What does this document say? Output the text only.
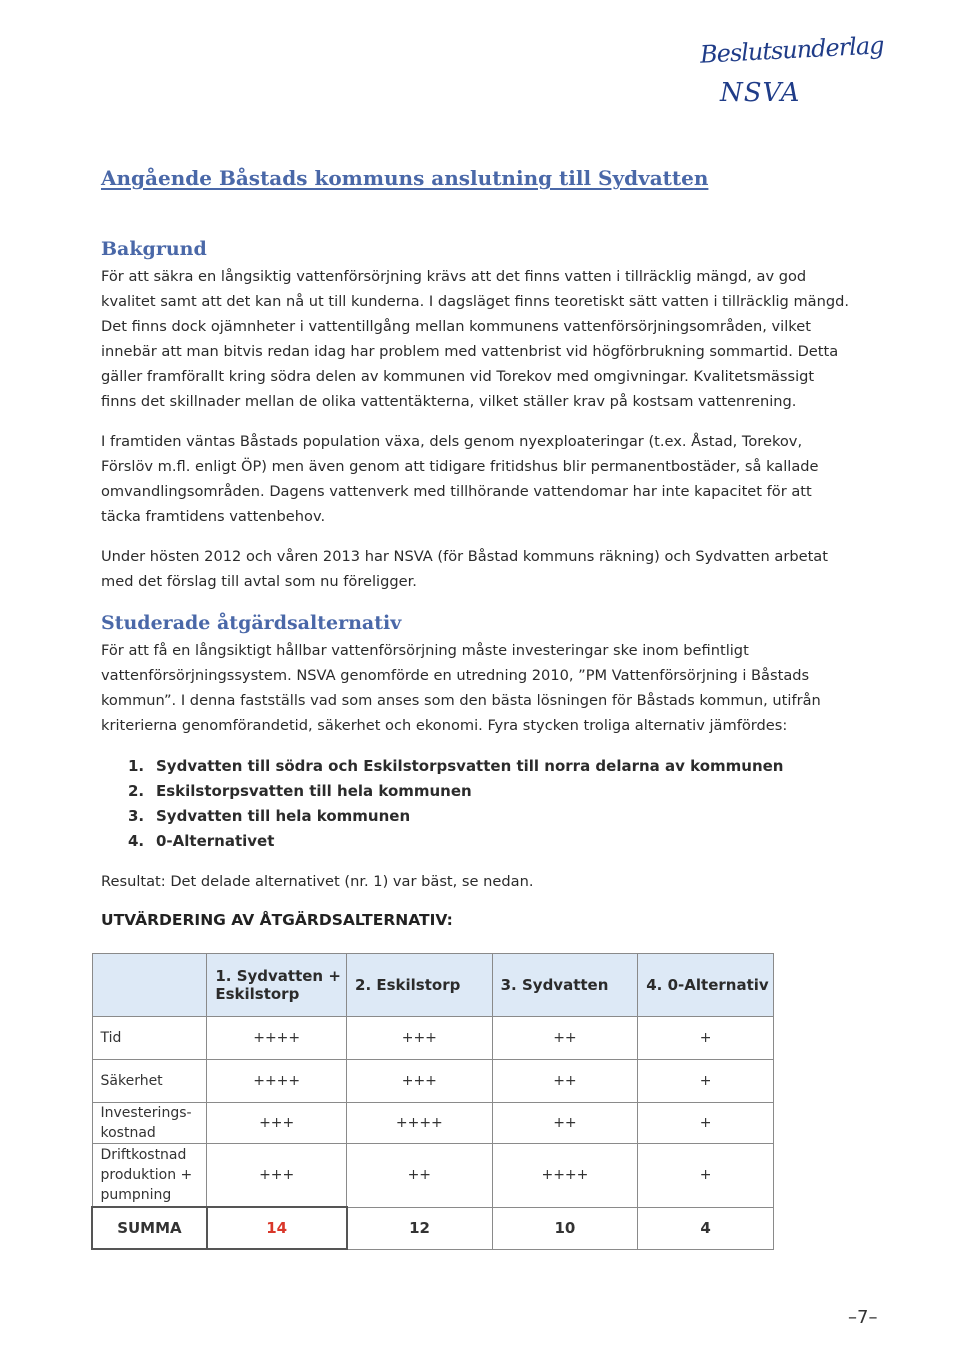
Beslutsunderlag
NSVA
Angående Båstads kommuns anslutning till Sydvatten
Bakgrund
För att säkra en långsiktig vattenförsörjning krävs att det finns vatten i tillräcklig mängd, av god
kvalitet samt att det kan nå ut till kunderna. I dagsläget finns teoretiskt sätt vatten i tillräcklig mängd.
Det finns dock ojämnheter i vattentillgång mellan kommunens vattenförsörjningsområden, vilket
innebär att man bitvis redan idag har problem med vattenbrist vid högförbrukning sommartid. Detta
gäller framförallt kring södra delen av kommunen vid Torekov med omgivningar. Kvalitetsmässigt
finns det skillnader mellan de olika vattentäkterna, vilket ställer krav på kostsam vattenrening.
I framtiden väntas Båstads population växa, dels genom nyexploateringar (t.ex. Åstad, Torekov,
Förslöv m.fl. enligt ÖP) men även genom att tidigare fritidshus blir permanentbostäder, så kallade
omvandlingsområden. Dagens vattenverk med tillhörande vattendomar har inte kapacitet för att
täcka framtidens vattenbehov.
Under hösten 2012 och våren 2013 har NSVA (för Båstad kommuns räkning) och Sydvatten arbetat
med det förslag till avtal som nu föreligger.
Studerade åtgärdsalternativ
För att få en långsiktigt hållbar vattenförsörjning måste investeringar ske inom befintligt
vattenförsörjningssystem. NSVA genomförde en utredning 2010, ”PM Vattenförsörjning i Båstads
kommun”. I denna fastställs vad som anses som den bästa lösningen för Båstads kommun, utifrån
kriterierna genomförandetid, säkerhet och ekonomi. Fyra stycken troliga alternativ jämfördes:
1. Sydvatten till södra och Eskilstorpsvatten till norra delarna av kommunen
2. Eskilstorpsvatten till hela kommunen
3. Sydvatten till hela kommunen
4. 0-Alternativet
Resultat: Det delade alternativet (nr. 1) var bäst, se nedan.
UTVÄRDERING AV ÅTGÄRDSALTERNATIV:
	1. Sydvatten + Eskilstorp	2. Eskilstorp	3. Sydvatten	4. 0-Alternativ
Tid	++++	+++	++	+
Säkerhet	++++	+++	++	+
Investerings-kostnad	+++	++++	++	+
Driftkostnad produktion + pumpning	+++	++	++++	+
SUMMA	14	12	10	4
–7–
